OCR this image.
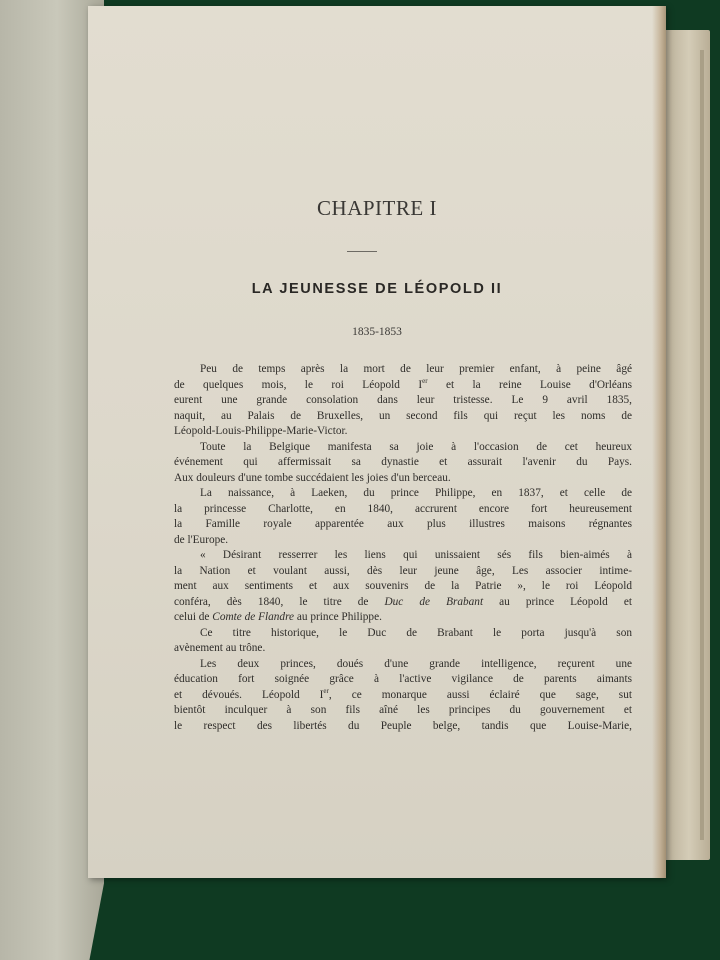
CHAPITRE I
LA JEUNESSE DE LÉOPOLD II
1835-1853
Peu de temps après la mort de leur premier enfant, à peine âgé
de quelques mois, le roi Léopold Ier et la reine Louise d'Orléans
eurent une grande consolation dans leur tristesse. Le 9 avril 1835,
naquit, au Palais de Bruxelles, un second fils qui reçut les noms de
Léopold-Louis-Philippe-Marie-Victor.
Toute la Belgique manifesta sa joie à l'occasion de cet heureux
événement qui affermissait sa dynastie et assurait l'avenir du Pays.
Aux douleurs d'une tombe succédaient les joies d'un berceau.
La naissance, à Laeken, du prince Philippe, en 1837, et celle de
la princesse Charlotte, en 1840, accrurent encore fort heureusement
la Famille royale apparentée aux plus illustres maisons régnantes
de l'Europe.
« Désirant resserrer les liens qui unissaient sés fils bien-aimés à
la Nation et voulant aussi, dès leur jeune âge, Les associer intime-
ment aux sentiments et aux souvenirs de la Patrie », le roi Léopold
conféra, dès 1840, le titre de Duc de Brabant au prince Léopold et
celui de Comte de Flandre au prince Philippe.
Ce titre historique, le Duc de Brabant le porta jusqu'à son
avènement au trône.
Les deux princes, doués d'une grande intelligence, reçurent une
éducation fort soignée grâce à l'active vigilance de parents aimants
et dévoués. Léopold Ier, ce monarque aussi éclairé que sage, sut
bientôt inculquer à son fils aîné les principes du gouvernement et
le respect des libertés du Peuple belge, tandis que Louise-Marie,
